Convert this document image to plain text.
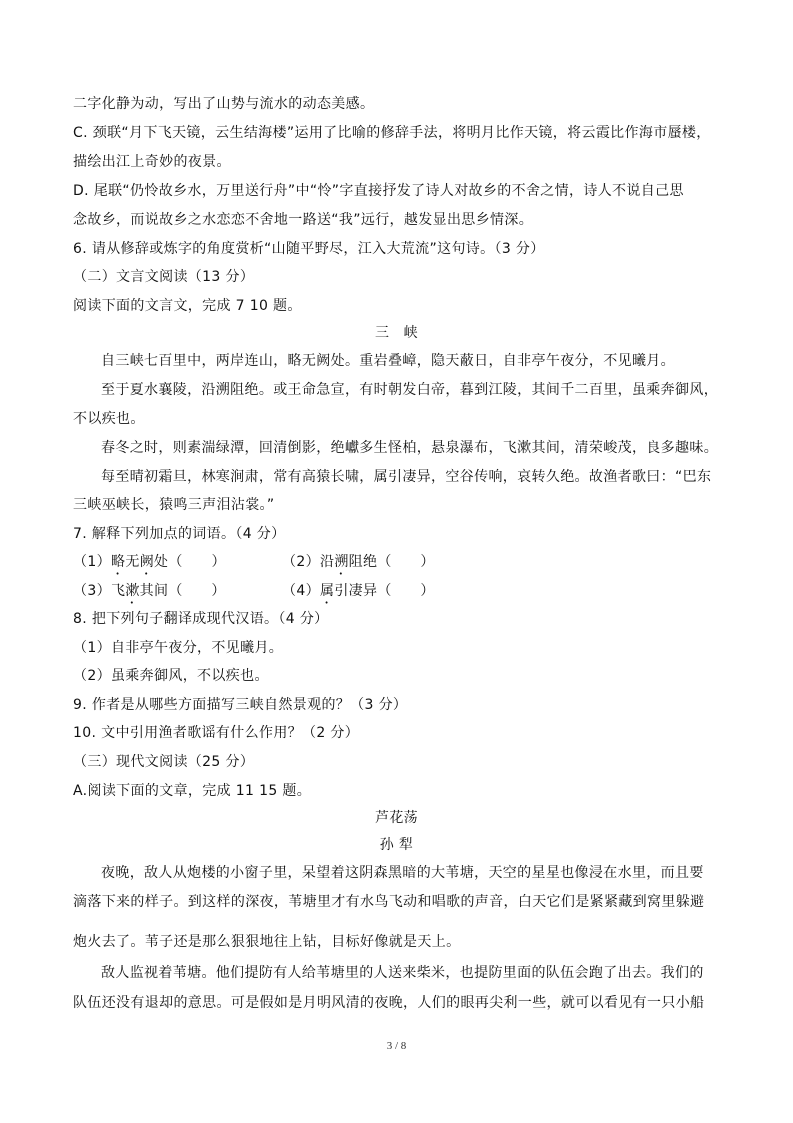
二字化静为动，写出了山势与流水的动态美感。
C. 颈联“月下飞天镜，云生结海楼”运用了比喻的修辞手法，将明月比作天镜，将云霞比作海市蜃楼，
描绘出江上奇妙的夜景。
D. 尾联“仍怜故乡水，万里送行舟”中“怜”字直接抒发了诗人对故乡的不舍之情，诗人不说自己思
念故乡，而说故乡之水恋恋不舍地一路送“我”远行，越发显出思乡情深。
6. 请从修辞或炼字的角度赏析“山随平野尽，江入大荒流”这句诗。（3 分）
（二）文言文阅读（13 分）
阅读下面的文言文，完成 7 10 题。
三　峡
自三峡七百里中，两岸连山，略无阙处。重岩叠嶂，隐天蔽日，自非亭午夜分，不见曦月。
至于夏水襄陵，沿溯阻绝。或王命急宣，有时朝发白帝，暮到江陵，其间千二百里，虽乘奔御风，
不以疾也。
春冬之时，则素湍绿潭，回清倒影，绝巘多生怪柏，悬泉瀑布，飞漱其间，清荣峻茂，良多趣味。
每至晴初霜旦，林寒涧肃，常有高猿长啸，属引凄异，空谷传响，哀转久绝。故渔者歌曰：“巴东
三峡巫峡长，猿鸣三声泪沾裳。”
7. 解释下列加点的词语。（4 分）
（1）略无阙处（　　）	（2）沿溯阻绝（　　）
（3）飞漱其间（　　）	（4）属引凄异（　　）
8. 把下列句子翻译成现代汉语。（4 分）
（1）自非亭午夜分，不见曦月。
（2）虽乘奔御风，不以疾也。
9. 作者是从哪些方面描写三峡自然景观的？（3 分）
10. 文中引用渔者歌谣有什么作用？（2 分）
（三）现代文阅读（25 分）
A.阅读下面的文章，完成 11 15 题。
芦花荡
孙 犁
夜晚，敌人从炮楼的小窗子里，呆望着这阴森黑暗的大苇塘，天空的星星也像浸在水里，而且要
滴落下来的样子。到这样的深夜，苇塘里才有水鸟飞动和唱歌的声音，白天它们是紧紧藏到窝里躲避
炮火去了。苇子还是那么狠狠地往上钻，目标好像就是天上。
敌人监视着苇塘。他们提防有人给苇塘里的人送来柴米，也提防里面的队伍会跑了出去。我们的
队伍还没有退却的意思。可是假如是月明风清的夜晚，人们的眼再尖利一些，就可以看见有一只小船
3 / 8
